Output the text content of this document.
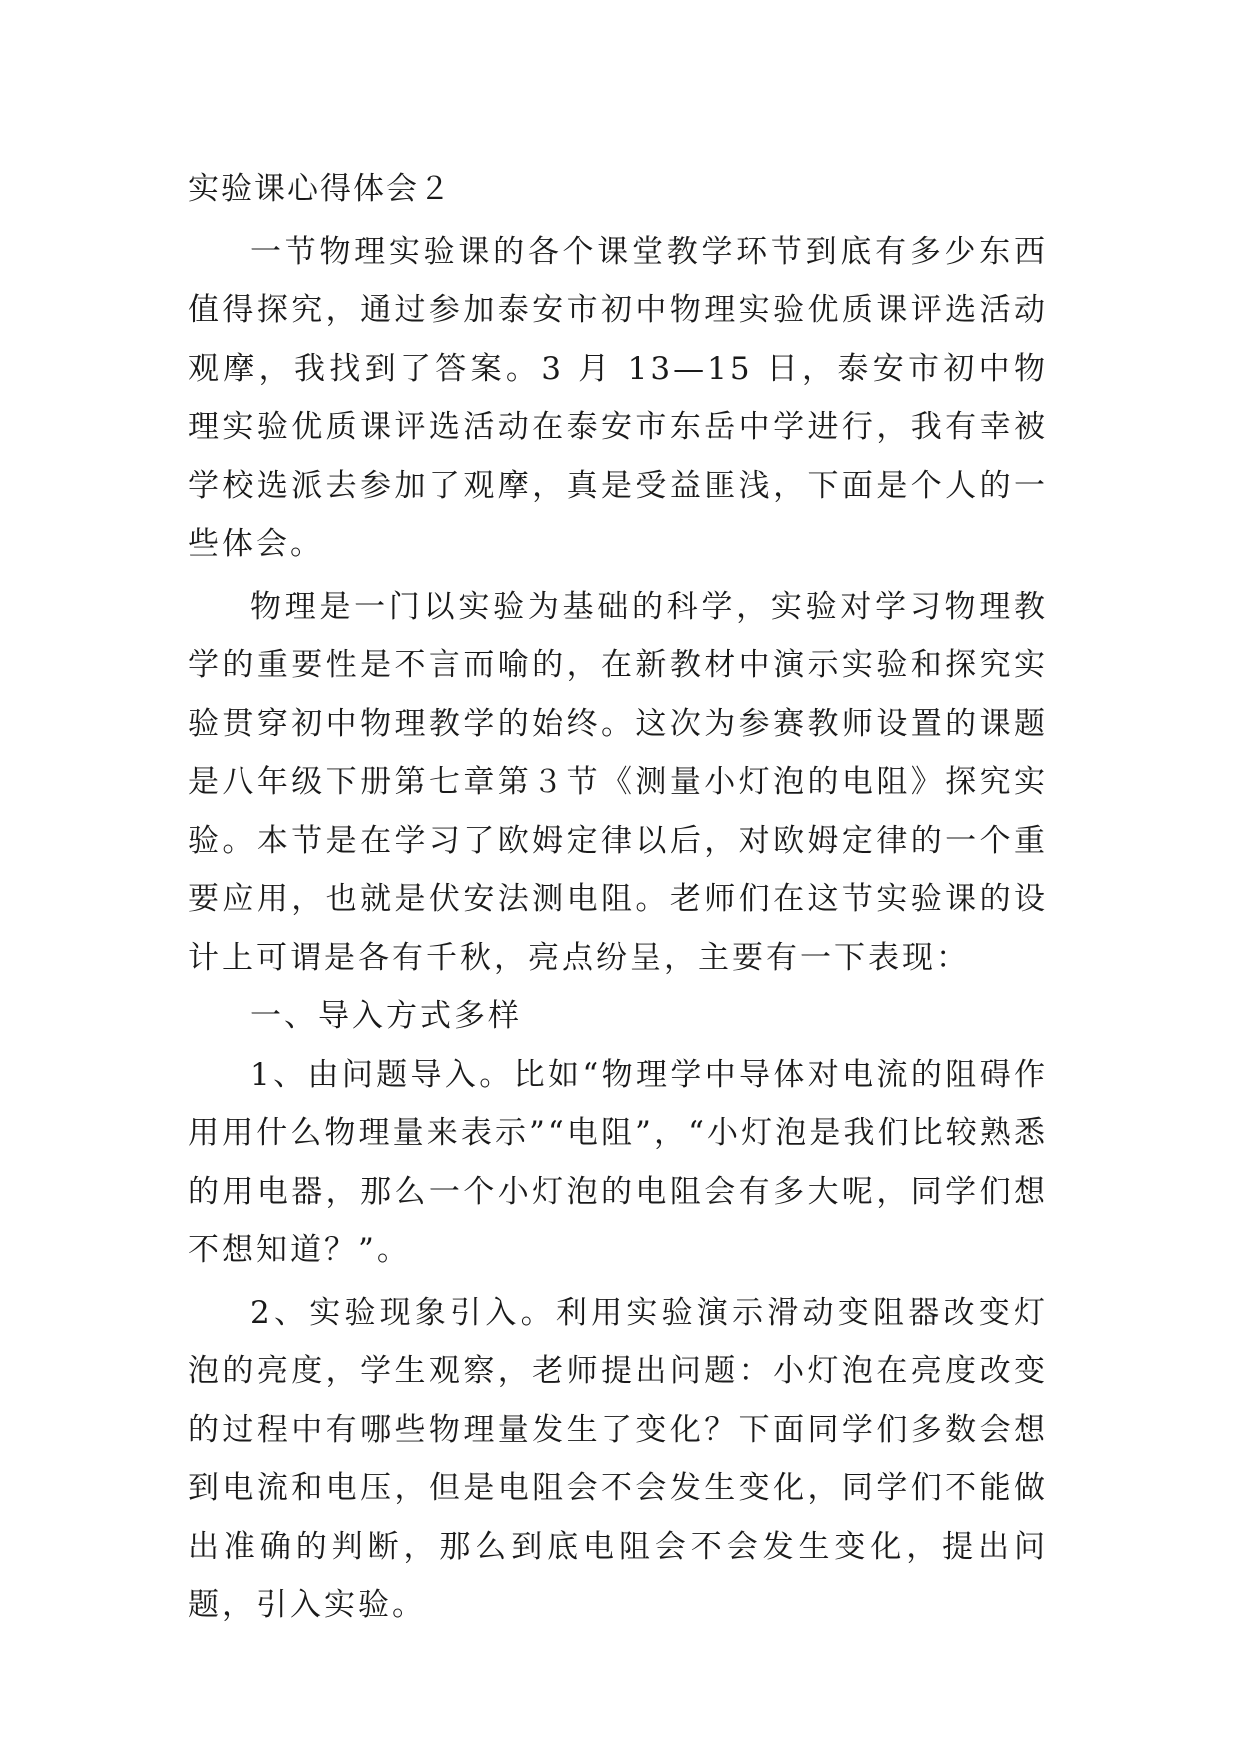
实验课心得体会２

一节物理实验课的各个课堂教学环节到底有多少东西值得探究，通过参加泰安市初中物理实验优质课评选活动观摩，我找到了答案。3 月 13—15 日，泰安市初中物理实验优质课评选活动在泰安市东岳中学进行，我有幸被学校选派去参加了观摩，真是受益匪浅，下面是个人的一些体会。

物理是一门以实验为基础的科学，实验对学习物理教学的重要性是不言而喻的，在新教材中演示实验和探究实验贯穿初中物理教学的始终。这次为参赛教师设置的课题是八年级下册第七章第３节《测量小灯泡的电阻》探究实验。本节是在学习了欧姆定律以后，对欧姆定律的一个重要应用，也就是伏安法测电阻。老师们在这节实验课的设计上可谓是各有千秋，亮点纷呈，主要有一下表现：

一、导入方式多样

1、由问题导入。比如“物理学中导体对电流的阻碍作用用什么物理量来表示”“电阻”，“小灯泡是我们比较熟悉的用电器，那么一个小灯泡的电阻会有多大呢，同学们想不想知道？”。

2、实验现象引入。利用实验演示滑动变阻器改变灯泡的亮度，学生观察，老师提出问题：小灯泡在亮度改变的过程中有哪些物理量发生了变化？下面同学们多数会想到电流和电压，但是电阻会不会发生变化，同学们不能做出准确的判断，那么到底电阻会不会发生变化，提出问题，引入实验。
